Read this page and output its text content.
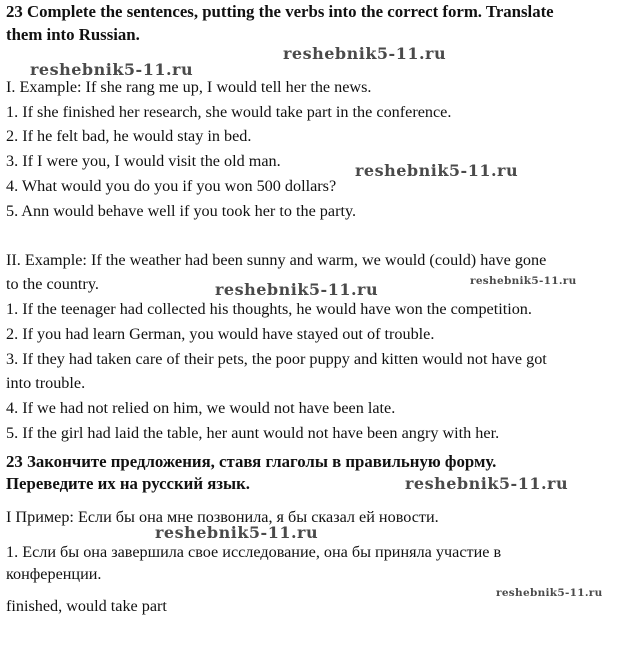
23 Complete the sentences, putting the verbs into the correct form. Translate
them into Russian.
I. Example: If she rang me up, I would tell her the news.
1. If she finished her research, she would take part in the conference.
2. If he felt bad, he would stay in bed.
3. If I were you, I would visit the old man.
4. What would you do you if you won 500 dollars?
5. Ann would behave well if you took her to the party.
II. Example: If the weather had been sunny and warm, we would (could) have gone
to the country.
1. If the teenager had collected his thoughts, he would have won the competition.
2. If you had learn German, you would have stayed out of trouble.
3. If they had taken care of their pets, the poor puppy and kitten would not have got
into trouble.
4. If we had not relied on him, we would not have been late.
5. If the girl had laid the table, her aunt would not have been angry with her.
23 Закончите предложения, ставя глаголы в правильную форму.
Переведите их на русский язык.
I Пример: Если бы она мне позвонила, я бы сказал ей новости.
1. Если бы она завершила свое исследование, она бы приняла участие в
конференции.
finished, would take part
reshebnik5-11.ru
reshebnik5-11.ru
reshebnik5-11.ru
reshebnik5-11.ru
reshebnik5-11.ru
reshebnik5-11.ru
reshebnik5-11.ru
reshebnik5-11.ru
